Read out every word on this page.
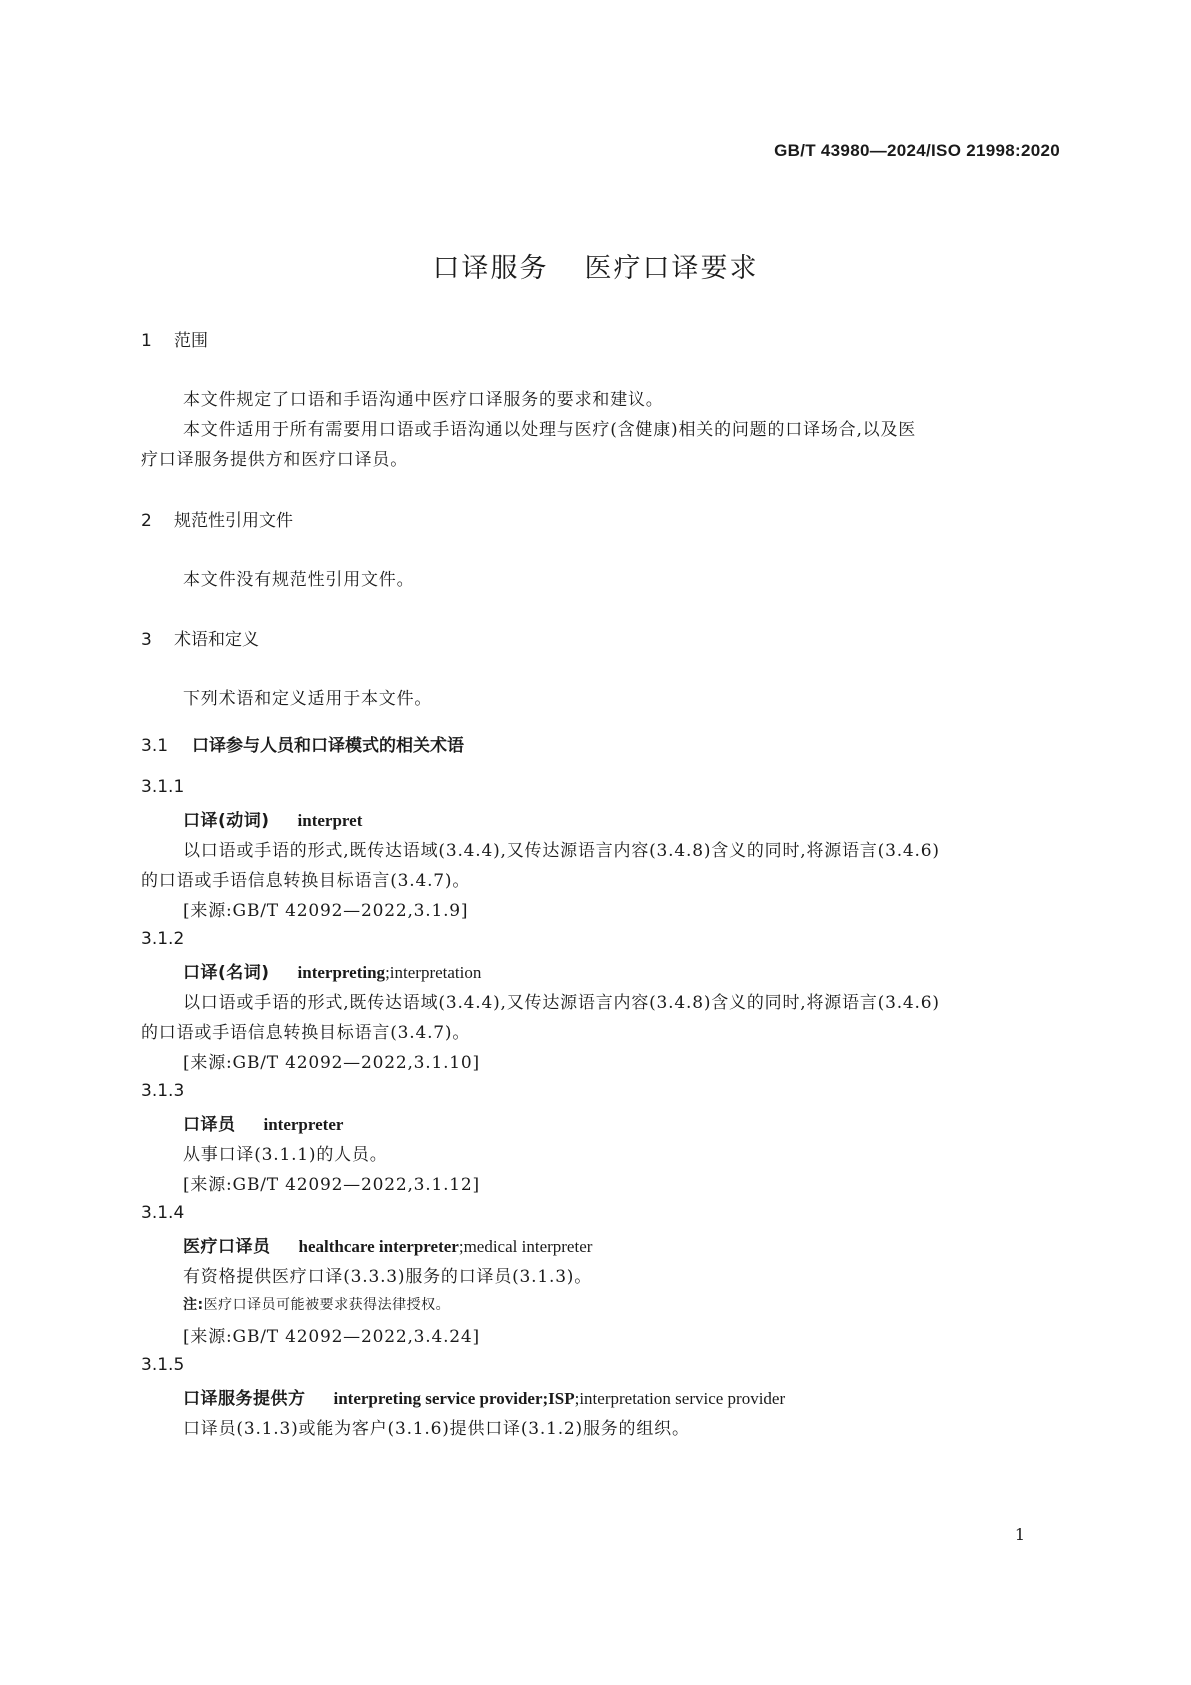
GB/T 43980—2024/ISO 21998:2020
口译服务 医疗口译要求
1 范围
本文件规定了口语和手语沟通中医疗口译服务的要求和建议。
本文件适用于所有需要用口语或手语沟通以处理与医疗(含健康)相关的问题的口译场合,以及医
疗口译服务提供方和医疗口译员。
2 规范性引用文件
本文件没有规范性引用文件。
3 术语和定义
下列术语和定义适用于本文件。
3.1 口译参与人员和口译模式的相关术语
3.1.1
口译(动词) interpret
以口语或手语的形式,既传达语域(3.4.4),又传达源语言内容(3.4.8)含义的同时,将源语言(3.4.6)
的口语或手语信息转换目标语言(3.4.7)。
[来源:GB/T 42092—2022,3.1.9]
3.1.2
口译(名词) interpreting;interpretation
以口语或手语的形式,既传达语域(3.4.4),又传达源语言内容(3.4.8)含义的同时,将源语言(3.4.6)
的口语或手语信息转换目标语言(3.4.7)。
[来源:GB/T 42092—2022,3.1.10]
3.1.3
口译员 interpreter
从事口译(3.1.1)的人员。
[来源:GB/T 42092—2022,3.1.12]
3.1.4
医疗口译员 healthcare interpreter;medical interpreter
有资格提供医疗口译(3.3.3)服务的口译员(3.1.3)。
注:医疗口译员可能被要求获得法律授权。
[来源:GB/T 42092—2022,3.4.24]
3.1.5
口译服务提供方 interpreting service provider;ISP;interpretation service provider
口译员(3.1.3)或能为客户(3.1.6)提供口译(3.1.2)服务的组织。
1
